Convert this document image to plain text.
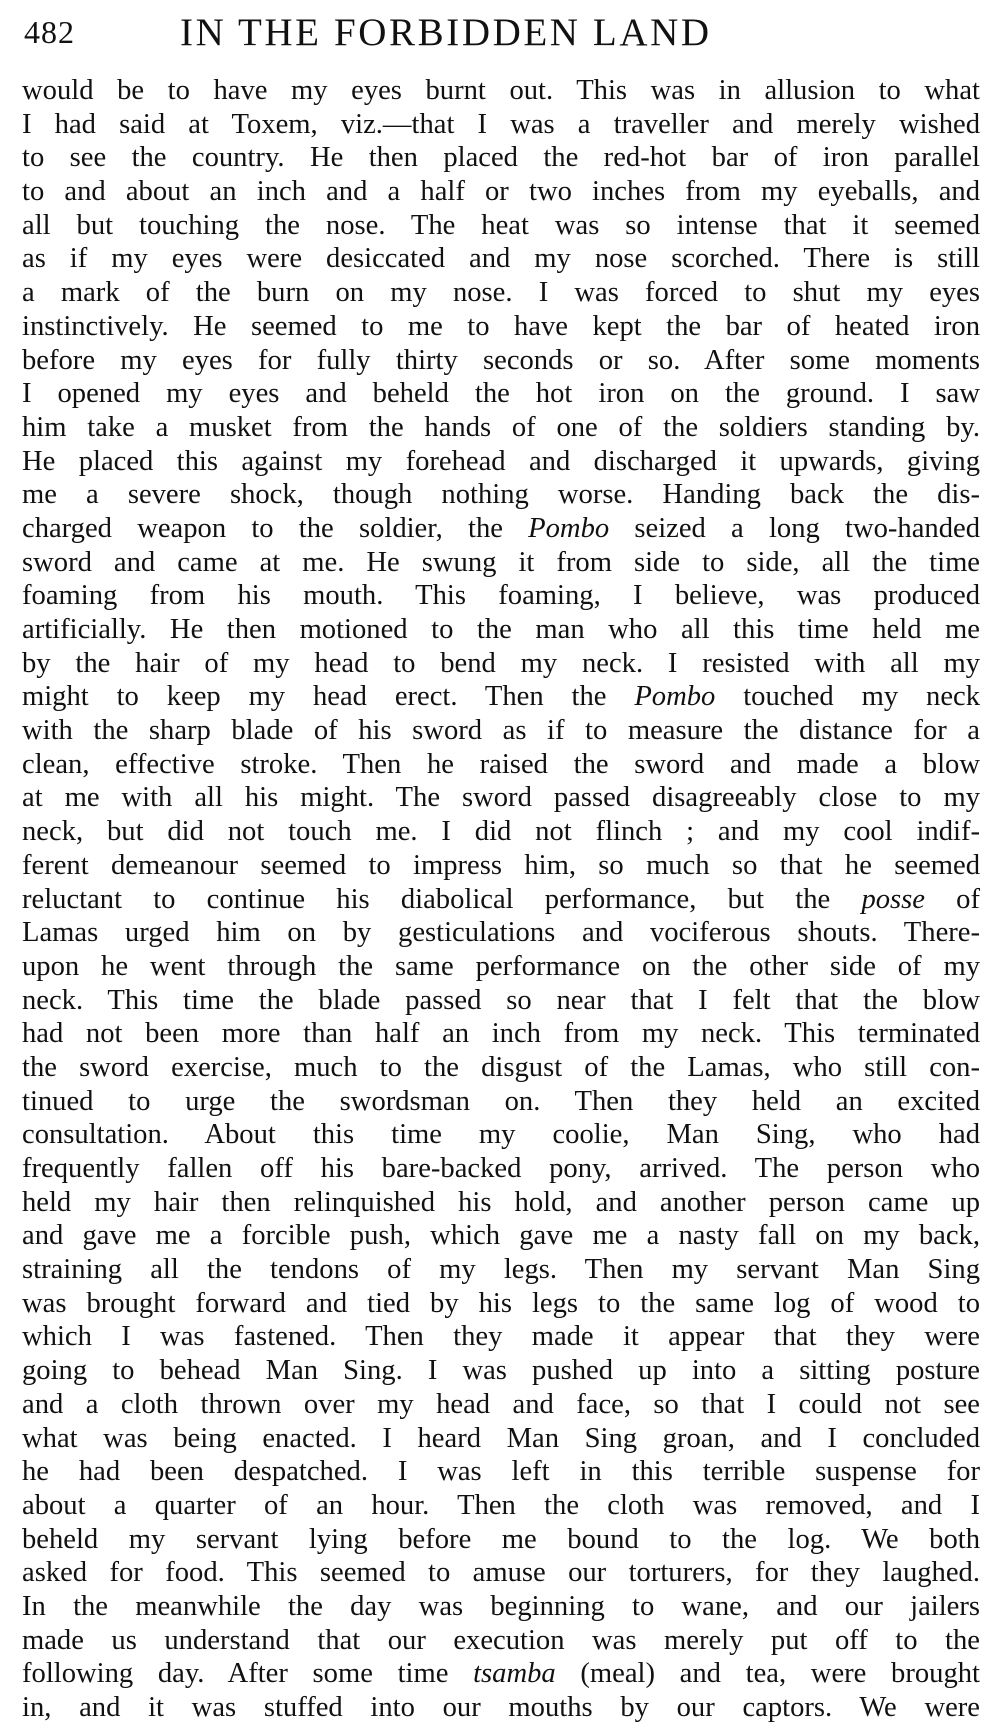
482	IN THE FORBIDDEN LAND
would be to have my eyes burnt out. This was in allusion to what
I had said at Toxem, viz.—that I was a traveller and merely wished
to see the country. He then placed the red-hot bar of iron parallel
to and about an inch and a half or two inches from my eyeballs, and
all but touching the nose. The heat was so intense that it seemed
as if my eyes were desiccated and my nose scorched. There is still
a mark of the burn on my nose. I was forced to shut my eyes
instinctively. He seemed to me to have kept the bar of heated iron
before my eyes for fully thirty seconds or so. After some moments
I opened my eyes and beheld the hot iron on the ground. I saw
him take a musket from the hands of one of the soldiers standing by.
He placed this against my forehead and discharged it upwards, giving
me a severe shock, though nothing worse. Handing back the dis-
charged weapon to the soldier, the Pombo seized a long two-handed
sword and came at me. He swung it from side to side, all the time
foaming from his mouth. This foaming, I believe, was produced
artificially. He then motioned to the man who all this time held me
by the hair of my head to bend my neck. I resisted with all my
might to keep my head erect. Then the Pombo touched my neck
with the sharp blade of his sword as if to measure the distance for a
clean, effective stroke. Then he raised the sword and made a blow
at me with all his might. The sword passed disagreeably close to my
neck, but did not touch me. I did not flinch ; and my cool indif-
ferent demeanour seemed to impress him, so much so that he seemed
reluctant to continue his diabolical performance, but the posse of
Lamas urged him on by gesticulations and vociferous shouts. There-
upon he went through the same performance on the other side of my
neck. This time the blade passed so near that I felt that the blow
had not been more than half an inch from my neck. This terminated
the sword exercise, much to the disgust of the Lamas, who still con-
tinued to urge the swordsman on. Then they held an excited
consultation. About this time my coolie, Man Sing, who had
frequently fallen off his bare-backed pony, arrived. The person who
held my hair then relinquished his hold, and another person came up
and gave me a forcible push, which gave me a nasty fall on my back,
straining all the tendons of my legs. Then my servant Man Sing
was brought forward and tied by his legs to the same log of wood to
which I was fastened. Then they made it appear that they were
going to behead Man Sing. I was pushed up into a sitting posture
and a cloth thrown over my head and face, so that I could not see
what was being enacted. I heard Man Sing groan, and I concluded
he had been despatched. I was left in this terrible suspense for
about a quarter of an hour. Then the cloth was removed, and I
beheld my servant lying before me bound to the log. We both
asked for food. This seemed to amuse our torturers, for they laughed.
In the meanwhile the day was beginning to wane, and our jailers
made us understand that our execution was merely put off to the
following day. After some time tsamba (meal) and tea, were brought
in, and it was stuffed into our mouths by our captors. We were
